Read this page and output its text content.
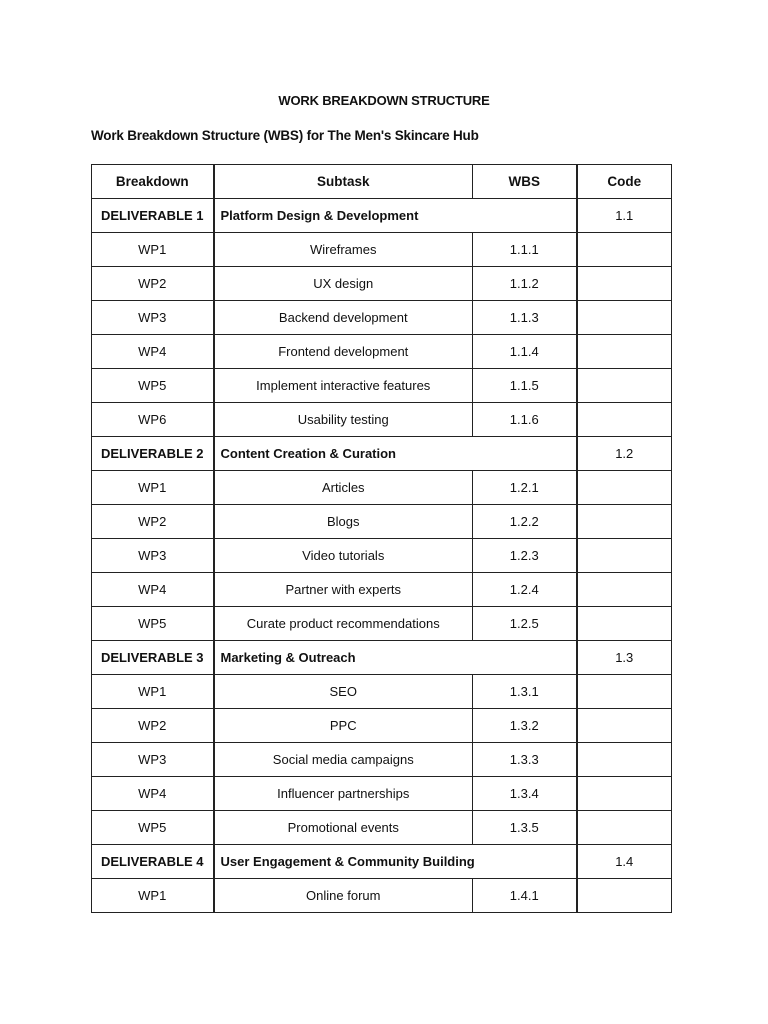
WORK BREAKDOWN STRUCTURE
Work Breakdown Structure (WBS) for The Men's Skincare Hub
Breakdown	Subtask	WBS	Code
DELIVERABLE 1	Platform Design & Development		1.1
WP1	Wireframes	1.1.1	
WP2	UX design	1.1.2	
WP3	Backend development	1.1.3	
WP4	Frontend development	1.1.4	
WP5	Implement interactive features	1.1.5	
WP6	Usability testing	1.1.6	
DELIVERABLE 2	Content Creation & Curation		1.2
WP1	Articles	1.2.1	
WP2	Blogs	1.2.2	
WP3	Video tutorials	1.2.3	
WP4	Partner with experts	1.2.4	
WP5	Curate product recommendations	1.2.5	
DELIVERABLE 3	Marketing & Outreach		1.3
WP1	SEO	1.3.1	
WP2	PPC	1.3.2	
WP3	Social media campaigns	1.3.3	
WP4	Influencer partnerships	1.3.4	
WP5	Promotional events	1.3.5	
DELIVERABLE 4	User Engagement & Community Building		1.4
WP1	Online forum	1.4.1	
